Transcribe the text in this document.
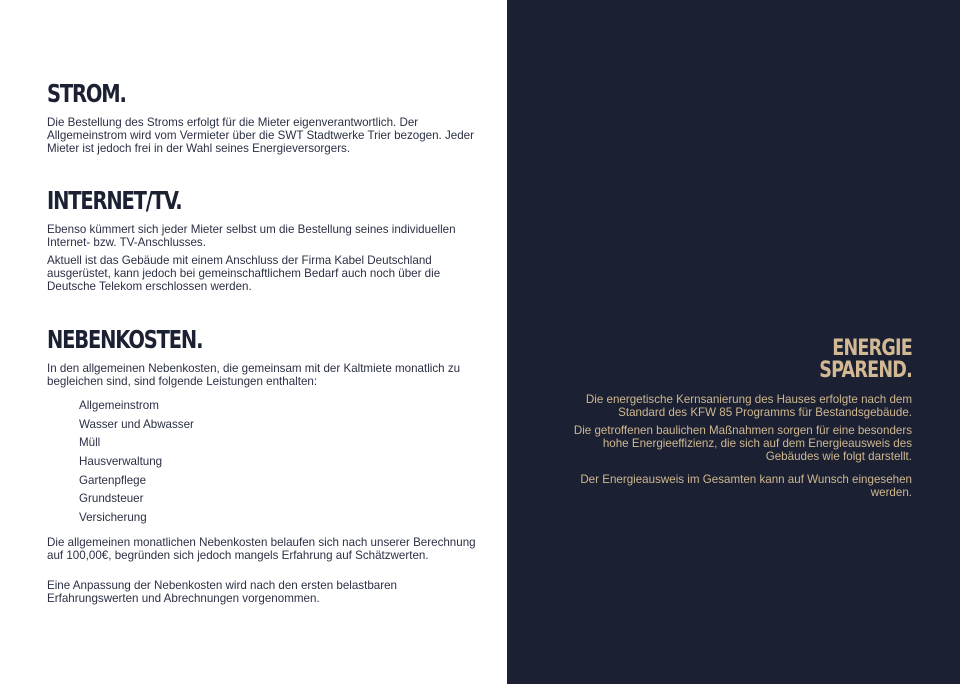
STROM.

Die Bestellung des Stroms erfolgt für die Mieter eigenverantwortlich. Der Allgemeinstrom wird vom Vermieter über die SWT Stadtwerke Trier bezogen. Jeder Mieter ist jedoch frei in der Wahl seines Energieversorgers.

INTERNET/TV.

Ebenso kümmert sich jeder Mieter selbst um die Bestellung seines individuellen Internet- bzw. TV-Anschlusses.

Aktuell ist das Gebäude mit einem Anschluss der Firma Kabel Deutschland ausgerüstet, kann jedoch bei gemeinschaftlichem Bedarf auch noch über die Deutsche Telekom erschlossen werden.

NEBENKOSTEN.

In den allgemeinen Nebenkosten, die gemeinsam mit der Kaltmiete monatlich zu begleichen sind, sind folgende Leistungen enthalten:

Allgemeinstrom
Wasser und Abwasser
Müll
Hausverwaltung
Gartenpflege
Grundsteuer
Versicherung

Die allgemeinen monatlichen Nebenkosten belaufen sich nach unserer Berechnung auf 100,00€, begründen sich jedoch mangels Erfahrung auf Schätzwerten.

Eine Anpassung der Nebenkosten wird nach den ersten belastbaren Erfahrungswerten und Abrechnungen vorgenommen.

ENERGIE
SPAREND.

Die energetische Kernsanierung des Hauses erfolgte nach dem Standard des KFW 85 Programms für Bestandsgebäude.

Die getroffenen baulichen Maßnahmen sorgen für eine besonders hohe Energieeffizienz, die sich auf dem Energieausweis des Gebäudes wie folgt darstellt.

Der Energieausweis im Gesamten kann auf Wunsch eingesehen werden.
